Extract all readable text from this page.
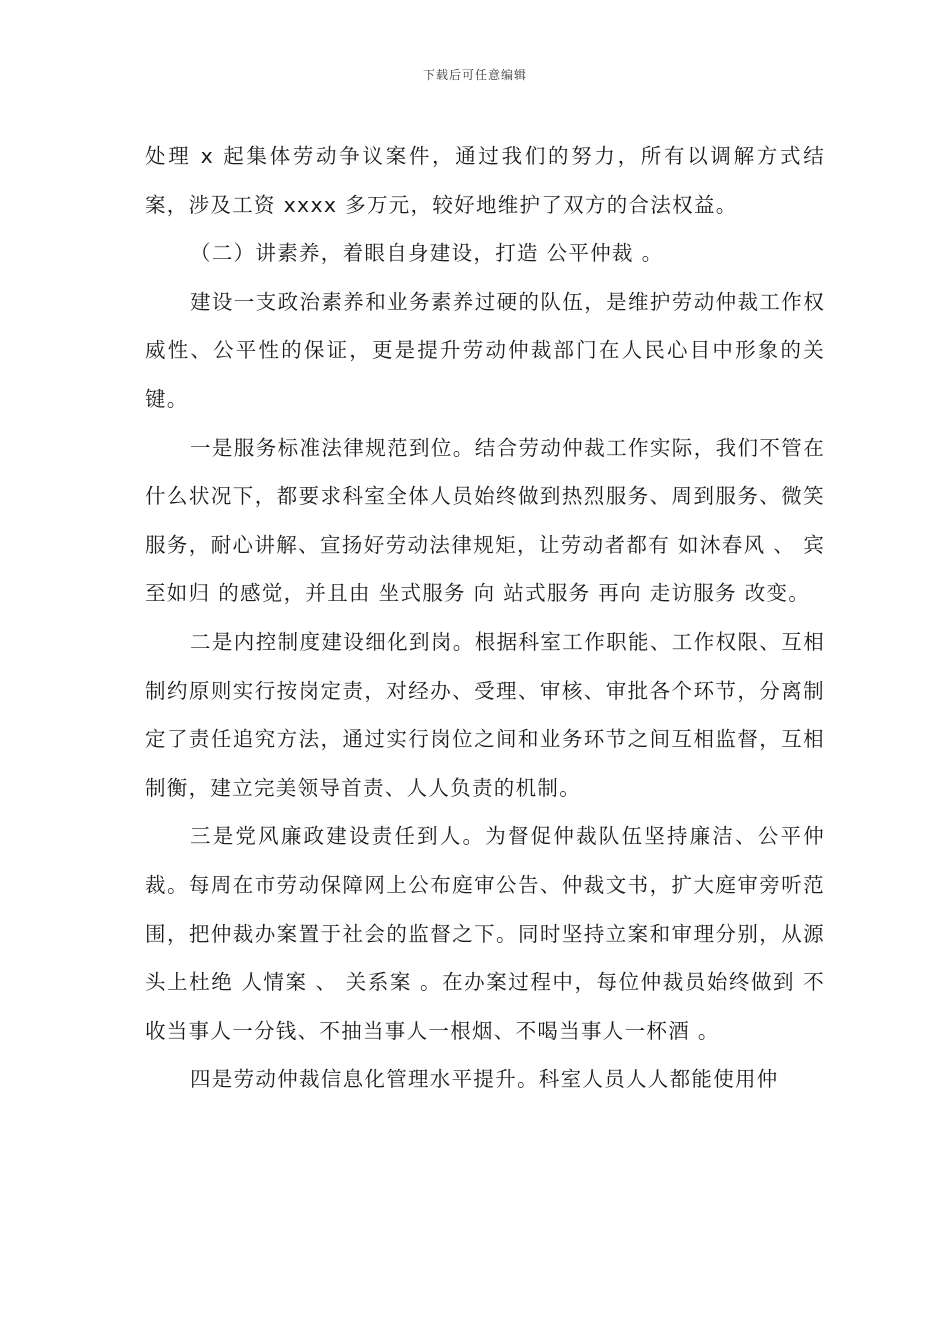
下载后可任意编辑

处理 x 起集体劳动争议案件，通过我们的努力，所有以调解方式结案，涉及工资 xxxx 多万元，较好地维护了双方的合法权益。

（二）讲素养，着眼自身建设，打造 公平仲裁 。

建设一支政治素养和业务素养过硬的队伍，是维护劳动仲裁工作权威性、公平性的保证，更是提升劳动仲裁部门在人民心目中形象的关键。

一是服务标准法律规范到位。结合劳动仲裁工作实际，我们不管在什么状况下，都要求科室全体人员始终做到热烈服务、周到服务、微笑服务，耐心讲解、宣扬好劳动法律规矩，让劳动者都有 如沐春风 、 宾至如归 的感觉，并且由 坐式服务 向 站式服务 再向 走访服务 改变。

二是内控制度建设细化到岗。根据科室工作职能、工作权限、互相制约原则实行按岗定责，对经办、受理、审核、审批各个环节，分离制定了责任追究方法，通过实行岗位之间和业务环节之间互相监督，互相制衡，建立完美领导首责、人人负责的机制。

三是党风廉政建设责任到人。为督促仲裁队伍坚持廉洁、公平仲裁。每周在市劳动保障网上公布庭审公告、仲裁文书，扩大庭审旁听范围，把仲裁办案置于社会的监督之下。同时坚持立案和审理分别，从源头上杜绝 人情案 、 关系案 。在办案过程中，每位仲裁员始终做到 不收当事人一分钱、不抽当事人一根烟、不喝当事人一杯酒 。

四是劳动仲裁信息化管理水平提升。科室人员人人都能使用仲
